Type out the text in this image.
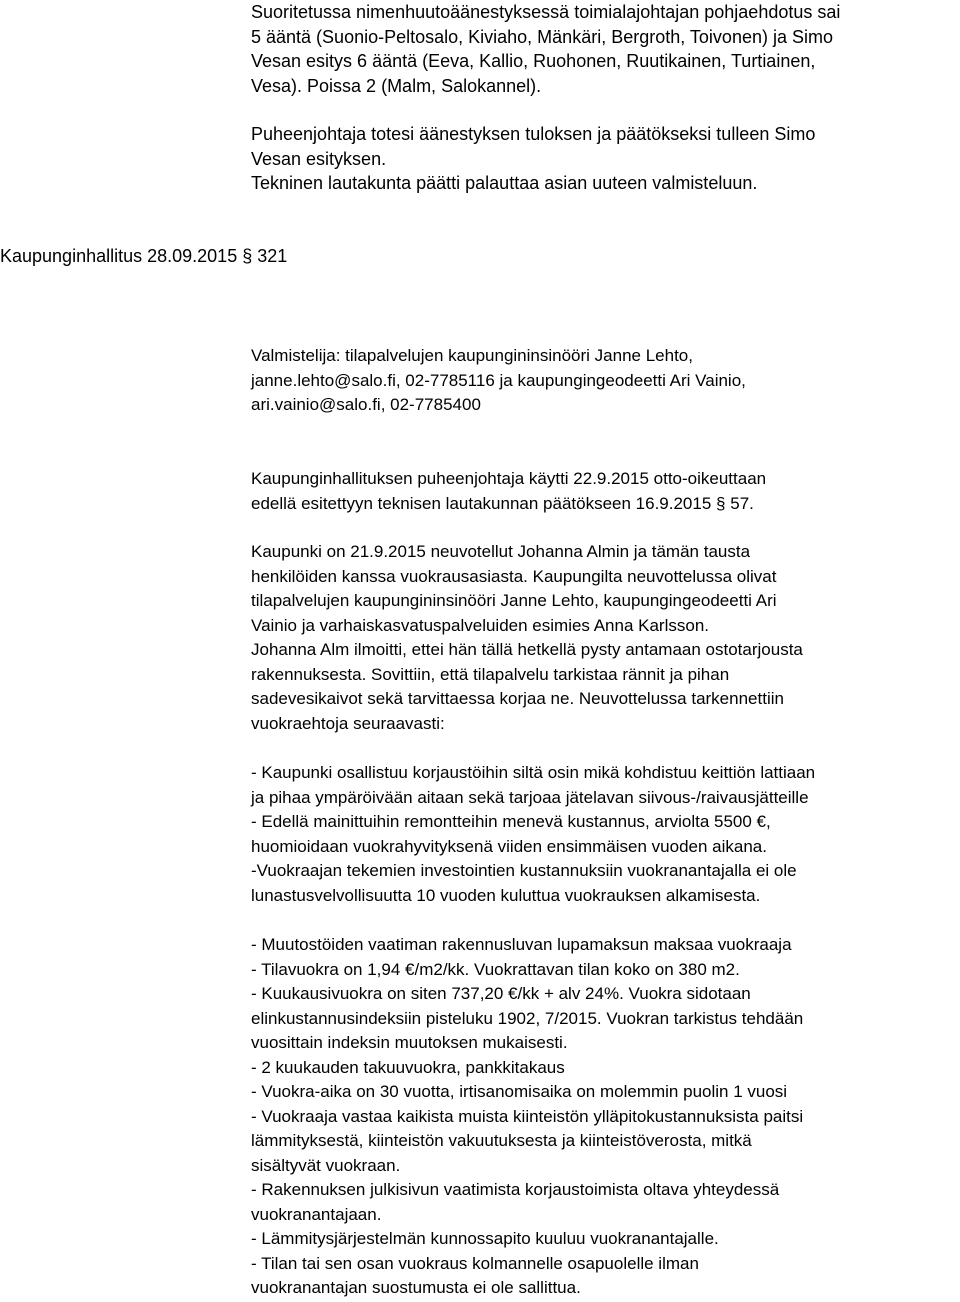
Suoritetussa nimenhuutoäänestyksessä toimialajohtajan pohjaehdotus sai
5 ääntä (Suonio-Peltosalo, Kiviaho, Mänkäri, Bergroth, Toivonen) ja Simo
Vesan esitys 6 ääntä (Eeva, Kallio, Ruohonen, Ruutikainen, Turtiainen,
Vesa). Poissa 2 (Malm, Salokannel).
Puheenjohtaja totesi äänestyksen tuloksen ja päätökseksi tulleen Simo
Vesan esityksen.
Tekninen lautakunta päätti palauttaa asian uuteen valmisteluun.
Kaupunginhallitus 28.09.2015 § 321
Valmistelija: tilapalvelujen kaupungininsinööri Janne Lehto,
janne.lehto@salo.fi, 02-7785116 ja kaupungingeodeetti Ari Vainio,
ari.vainio@salo.fi, 02-7785400
Kaupunginhallituksen puheenjohtaja käytti 22.9.2015 otto-oikeuttaan
edellä esitettyyn teknisen lautakunnan päätökseen 16.9.2015 § 57.
Kaupunki on 21.9.2015 neuvotellut Johanna Almin ja tämän tausta
henkilöiden kanssa vuokrausasiasta. Kaupungilta neuvottelussa olivat
tilapalvelujen kaupungininsinööri Janne Lehto, kaupungingeodeetti Ari
Vainio ja varhaiskasvatuspalveluiden esimies Anna Karlsson.
Johanna Alm ilmoitti, ettei hän tällä hetkellä pysty antamaan ostotarjousta
rakennuksesta. Sovittiin, että tilapalvelu tarkistaa rännit ja pihan
sadevesikaivot sekä tarvittaessa korjaa ne. Neuvottelussa tarkennettiin
vuokraehtoja seuraavasti:
- Kaupunki osallistuu korjaustöihin siltä osin mikä kohdistuu keittiön lattiaan
ja pihaa ympäröivään aitaan sekä tarjoaa jätelavan siivous-/raivausjätteille
- Edellä mainittuihin remontteihin menevä kustannus, arviolta 5500 €,
huomioidaan vuokrahyvityksenä viiden ensimmäisen vuoden aikana.
-Vuokraajan tekemien investointien kustannuksiin vuokranantajalla ei ole
lunastusvelvollisuutta 10 vuoden kuluttua vuokrauksen alkamisesta.
- Muutostöiden vaatiman rakennusluvan lupamaksun maksaa vuokraaja
- Tilavuokra on 1,94 €/m2/kk. Vuokrattavan tilan koko on 380 m2.
- Kuukausivuokra on siten 737,20 €/kk + alv 24%. Vuokra sidotaan
elinkustannusindeksiin pisteluku 1902, 7/2015. Vuokran tarkistus tehdään
vuosittain indeksin muutoksen mukaisesti.
- 2 kuukauden takuuvuokra, pankkitakaus
- Vuokra-aika on 30 vuotta, irtisanomisaika on molemmin puolin 1 vuosi
- Vuokraaja vastaa kaikista muista kiinteistön ylläpitokustannuksista paitsi
lämmityksestä, kiinteistön vakuutuksesta ja kiinteistöverosta, mitkä
sisältyvät vuokraan.
- Rakennuksen julkisivun vaatimista korjaustoimista oltava yhteydessä
vuokranantajaan.
- Lämmitysjärjestelmän kunnossapito kuuluu vuokranantajalle.
- Tilan tai sen osan vuokraus kolmannelle osapuolelle ilman
vuokranantajan suostumusta ei ole sallittua.
